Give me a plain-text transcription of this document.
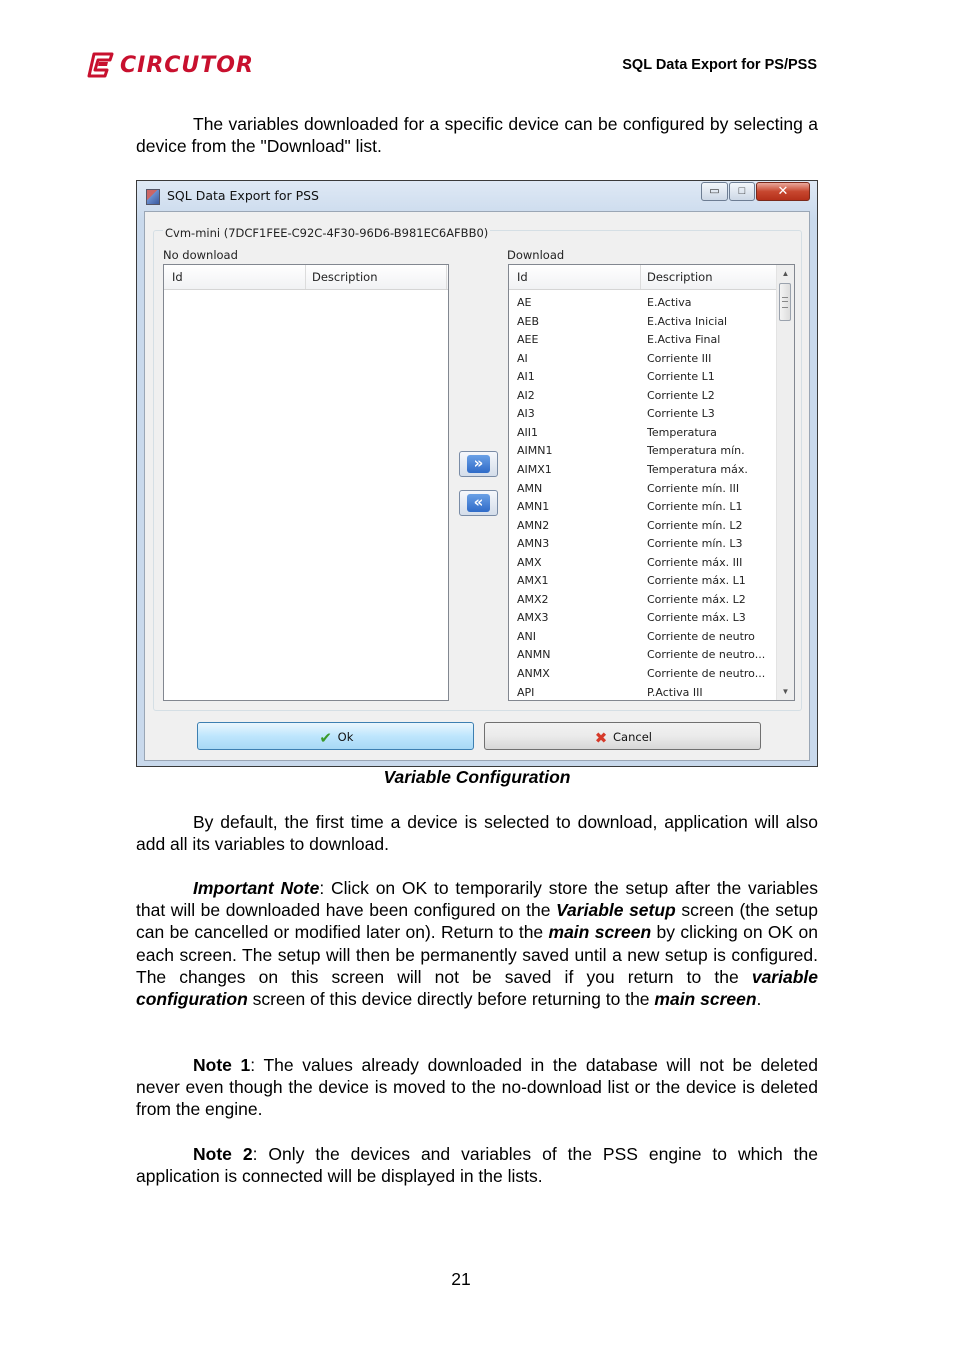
CIRCUTOR	SQL Data Export for PS/PSS
The variables downloaded for a specific device can be configured by selecting a device from the "Download" list.
SQL Data Export for PSS	▭	□	✕
Cvm-mini (7DCF1FEE-C92C-4F30-96D6-B981EC6AFBB0)
No download	Download
Id	Description
»
«
Id	Description
AE	E.Activa
AEB	E.Activa Inicial
AEE	E.Activa Final
AI	Corriente III
AI1	Corriente L1
AI2	Corriente L2
AI3	Corriente L3
AII1	Temperatura
AIMN1	Temperatura mín.
AIMX1	Temperatura máx.
AMN	Corriente mín. III
AMN1	Corriente mín. L1
AMN2	Corriente mín. L2
AMN3	Corriente mín. L3
AMX	Corriente máx. III
AMX1	Corriente máx. L1
AMX2	Corriente máx. L2
AMX3	Corriente máx. L3
ANI	Corriente de neutro
ANMN	Corriente de neutro...
ANMX	Corriente de neutro...
API	P.Activa III
▲
▼
✔ Ok	✖ Cancel
Variable Configuration
By default, the first time a device is selected to download, application will also add all its variables to download.
Important Note: Click on OK to temporarily store the setup after the variables that will be downloaded have been configured on the Variable setup screen (the setup can be cancelled or modified later on). Return to the main screen by clicking on OK on each screen. The setup will then be permanently saved until a new setup is configured. The changes on this screen will not be saved if you return to the variable configuration screen of this device directly before returning to the main screen.
Note 1: The values already downloaded in the database will not be deleted never even though the device is moved to the no-download list or the device is deleted from the engine.
Note 2: Only the devices and variables of the PSS engine to which the application is connected will be displayed in the lists.
21
